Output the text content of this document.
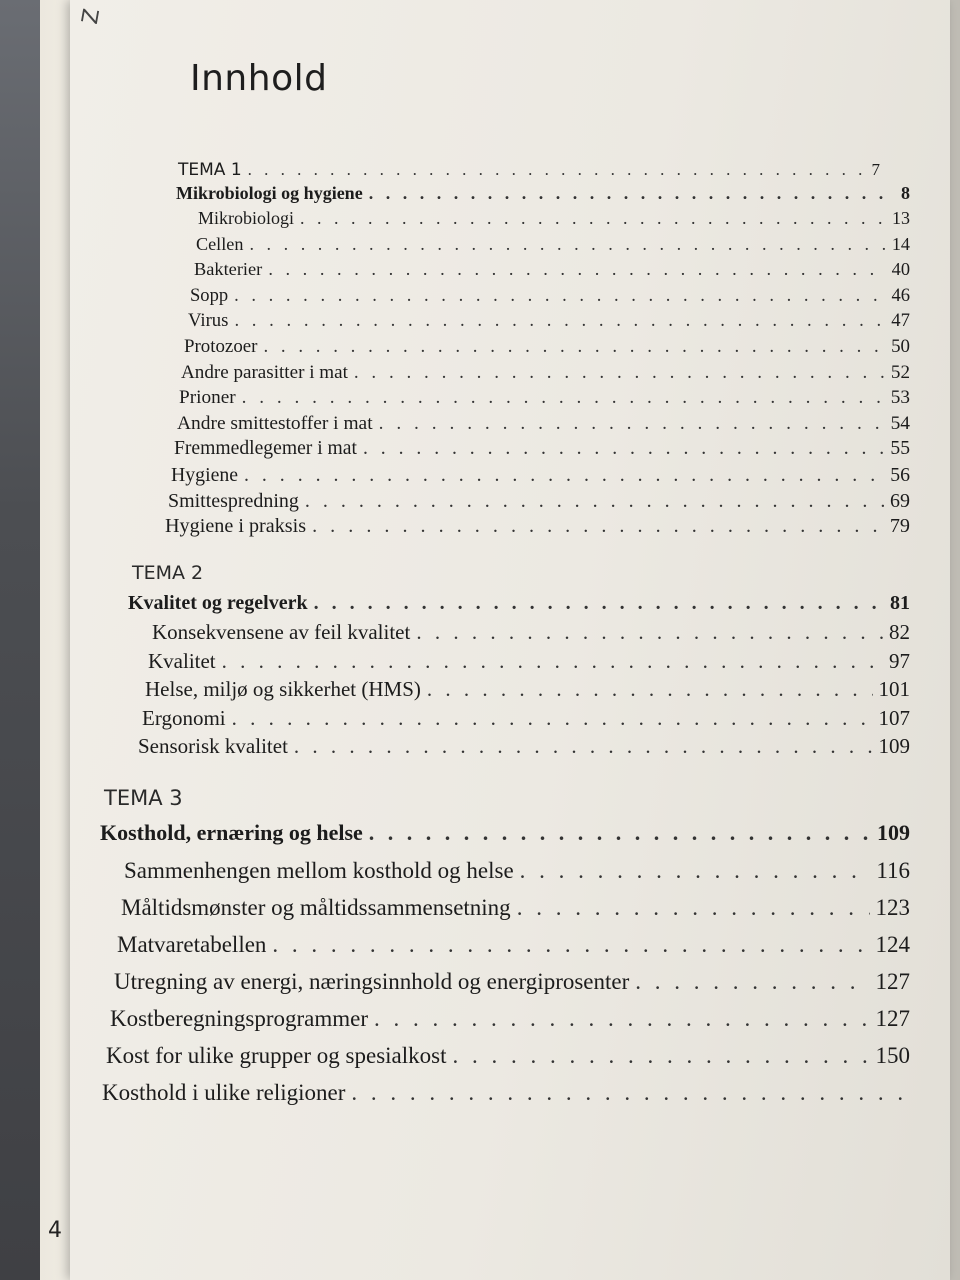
Z
Innhold
TEMA 1 . . .	7
Mikrobiologi og hygiene . . .	8
Mikrobiologi . . .	13
Cellen . . .	14
Bakterier . . .	40
Sopp . . .	46
Virus . . .	47
Protozoer . . .	50
Andre parasitter i mat . . .	52
Prioner . . .	53
Andre smittestoffer i mat . . .	54
Fremmedlegemer i mat . . .	55
Hygiene . . .	56
Smittespredning . . .	69
Hygiene i praksis . . .	79
TEMA 2
Kvalitet og regelverk . . .	81
Konsekvensene av feil kvalitet . . .	82
Kvalitet . . .	97
Helse, miljø og sikkerhet (HMS) . . .	101
Ergonomi . . .	107
Sensorisk kvalitet . . .	109
TEMA 3
Kosthold, ernæring og helse . . .	109
Sammenhengen mellom kosthold og helse . . .	116
Måltidsmønster og måltidssammensetning . . .	123
Matvaretabellen . . .	124
Utregning av energi, næringsinnhold og energiprosenter . . .	127
Kostberegningsprogrammer . . .	127
Kost for ulike grupper og spesialkost . . .	150
Kosthold i ulike religioner
. . .
4
